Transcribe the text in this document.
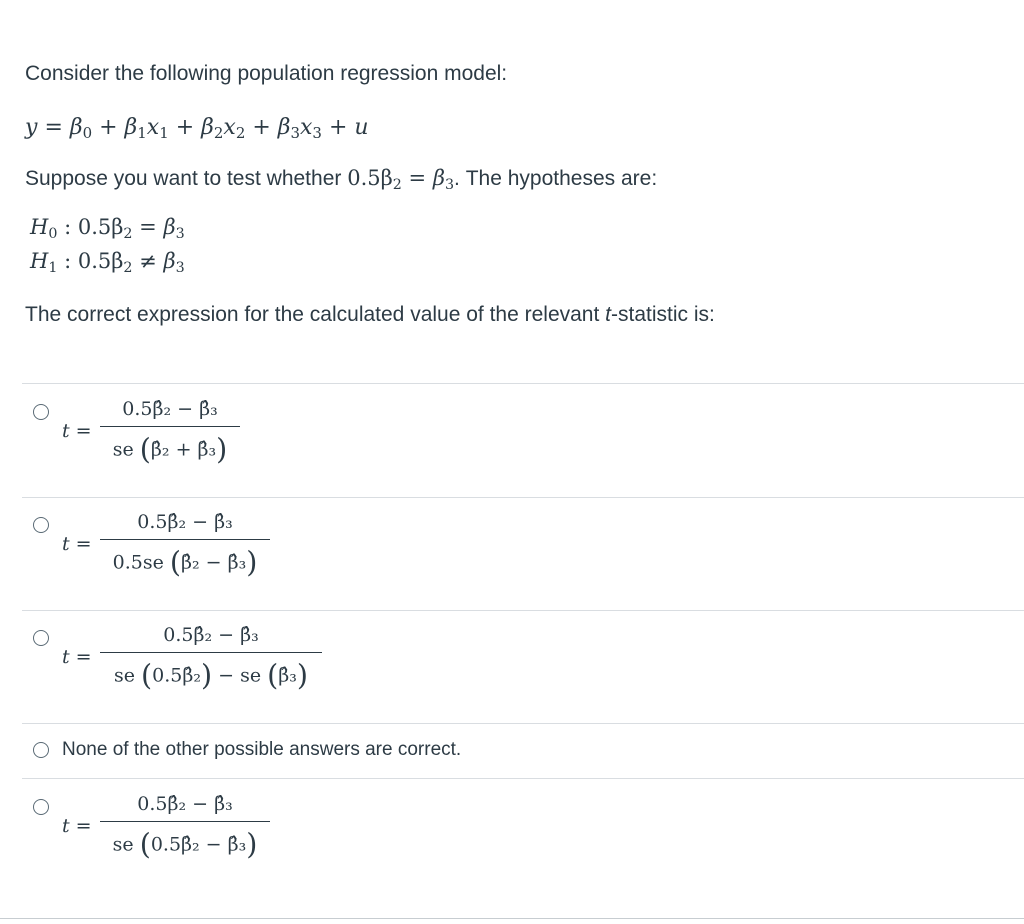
Consider the following population regression model:
$y = \beta_0 + \beta_1x_1 + \beta_2x_2 + \beta_3x_3 + u$
Suppose you want to test whether $0.5\beta_2 = \beta_3$. The hypotheses are:
$H_0$ : $0.5\beta_2 = \beta_3$
$H_1$ : $0.5\beta_2 \ne \beta_3$
The correct expression for the calculated value of the relevant t-statistic is:
t =
0.5β̂₂ − β̂₃
se (β̂₂ + β̂₃)
t =
0.5β̂₂ − β̂₃
0.5se (β̂₂ − β̂₃)
t =
0.5β̂₂ − β̂₃
se (0.5β̂₂) − se (β̂₃)
None of the other possible answers are correct.
t =
0.5β̂₂ − β̂₃
se (0.5β̂₂ − β̂₃)
